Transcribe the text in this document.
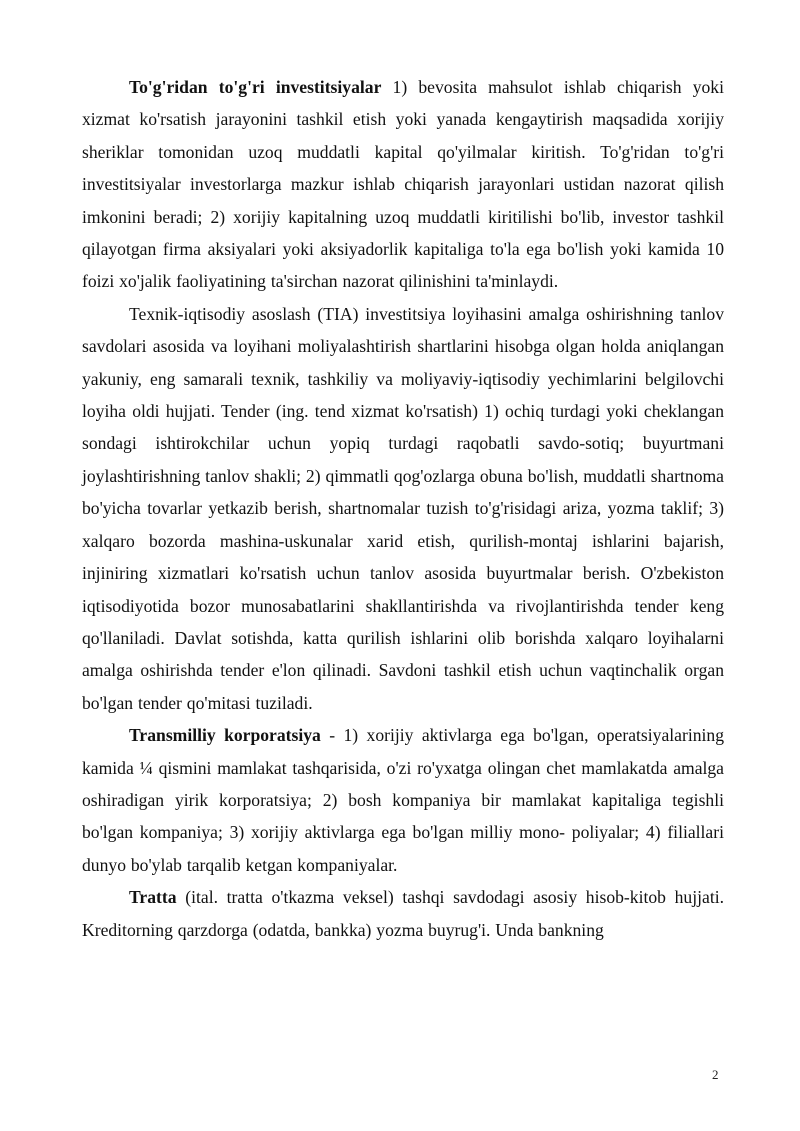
To'g'ridan to'g'ri investitsiyalar 1) bevosita mahsulot ishlab chiqarish yoki xizmat ko'rsatish jarayonini tashkil etish yoki yanada kengaytirish maqsadida xorijiy sheriklar tomonidan uzoq muddatli kapital qo'yilmalar kiritish. To'g'ridan to'g'ri investitsiyalar investorlarga mazkur ishlab chiqarish jarayonlari ustidan nazorat qilish imkonini beradi; 2) xorijiy kapitalning uzoq muddatli kiritilishi bo'lib, investor tashkil qilayotgan firma aksiyalari yoki aksiyadorlik kapitaliga to'la ega bo'lish yoki kamida 10 foizi xo'jalik faoliyatining ta'sirchan nazorat qilinishini ta'minlaydi.

Texnik-iqtisodiy asoslash (TIA) investitsiya loyihasini amalga oshirishning tanlov savdolari asosida va loyihani moliyalashtirish shartlarini hisobga olgan holda aniqlangan yakuniy, eng samarali texnik, tashkiliy va moliyaviy-iqtisodiy yechimlarini belgilovchi loyiha oldi hujjati. Tender (ing. tend xizmat ko'rsatish) 1) ochiq turdagi yoki cheklangan sondagi ishtirokchilar uchun yopiq turdagi raqobatli savdo-sotiq; buyurtmani joylashtirishning tanlov shakli; 2) qimmatli qog'ozlarga obuna bo'lish, muddatli shartnoma bo'yicha tovarlar yetkazib berish, shartnomalar tuzish to'g'risidagi ariza, yozma taklif; 3) xalqaro bozorda mashina-uskunalar xarid etish, qurilish-montaj ishlarini bajarish, injiniring xizmatlari ko'rsatish uchun tanlov asosida buyurtmalar berish. O'zbekiston iqtisodiyotida bozor munosabatlarini shakllantirishda va rivojlantirishda tender keng qo'llaniladi. Davlat sotishda, katta qurilish ishlarini olib borishda xalqaro loyihalarni amalga oshirishda tender e'lon qilinadi. Savdoni tashkil etish uchun vaqtinchalik organ bo'lgan tender qo'mitasi tuziladi.

Transmilliy korporatsiya - 1) xorijiy aktivlarga ega bo'lgan, operatsiyalarining kamida ¼ qismini mamlakat tashqarisida, o'zi ro'yxatga olingan chet mamlakatda amalga oshiradigan yirik korporatsiya; 2) bosh kompaniya bir mamlakat kapitaliga tegishli bo'lgan kompaniya; 3) xorijiy aktivlarga ega bo'lgan milliy mono- poliyalar; 4) filiallari dunyo bo'ylab tarqalib ketgan kompaniyalar.

Tratta (ital. tratta o'tkazma veksel) tashqi savdodagi asosiy hisob-kitob hujjati. Kreditorning qarzdorga (odatda, bankka) yozma buyrug'i. Unda bankning

2
